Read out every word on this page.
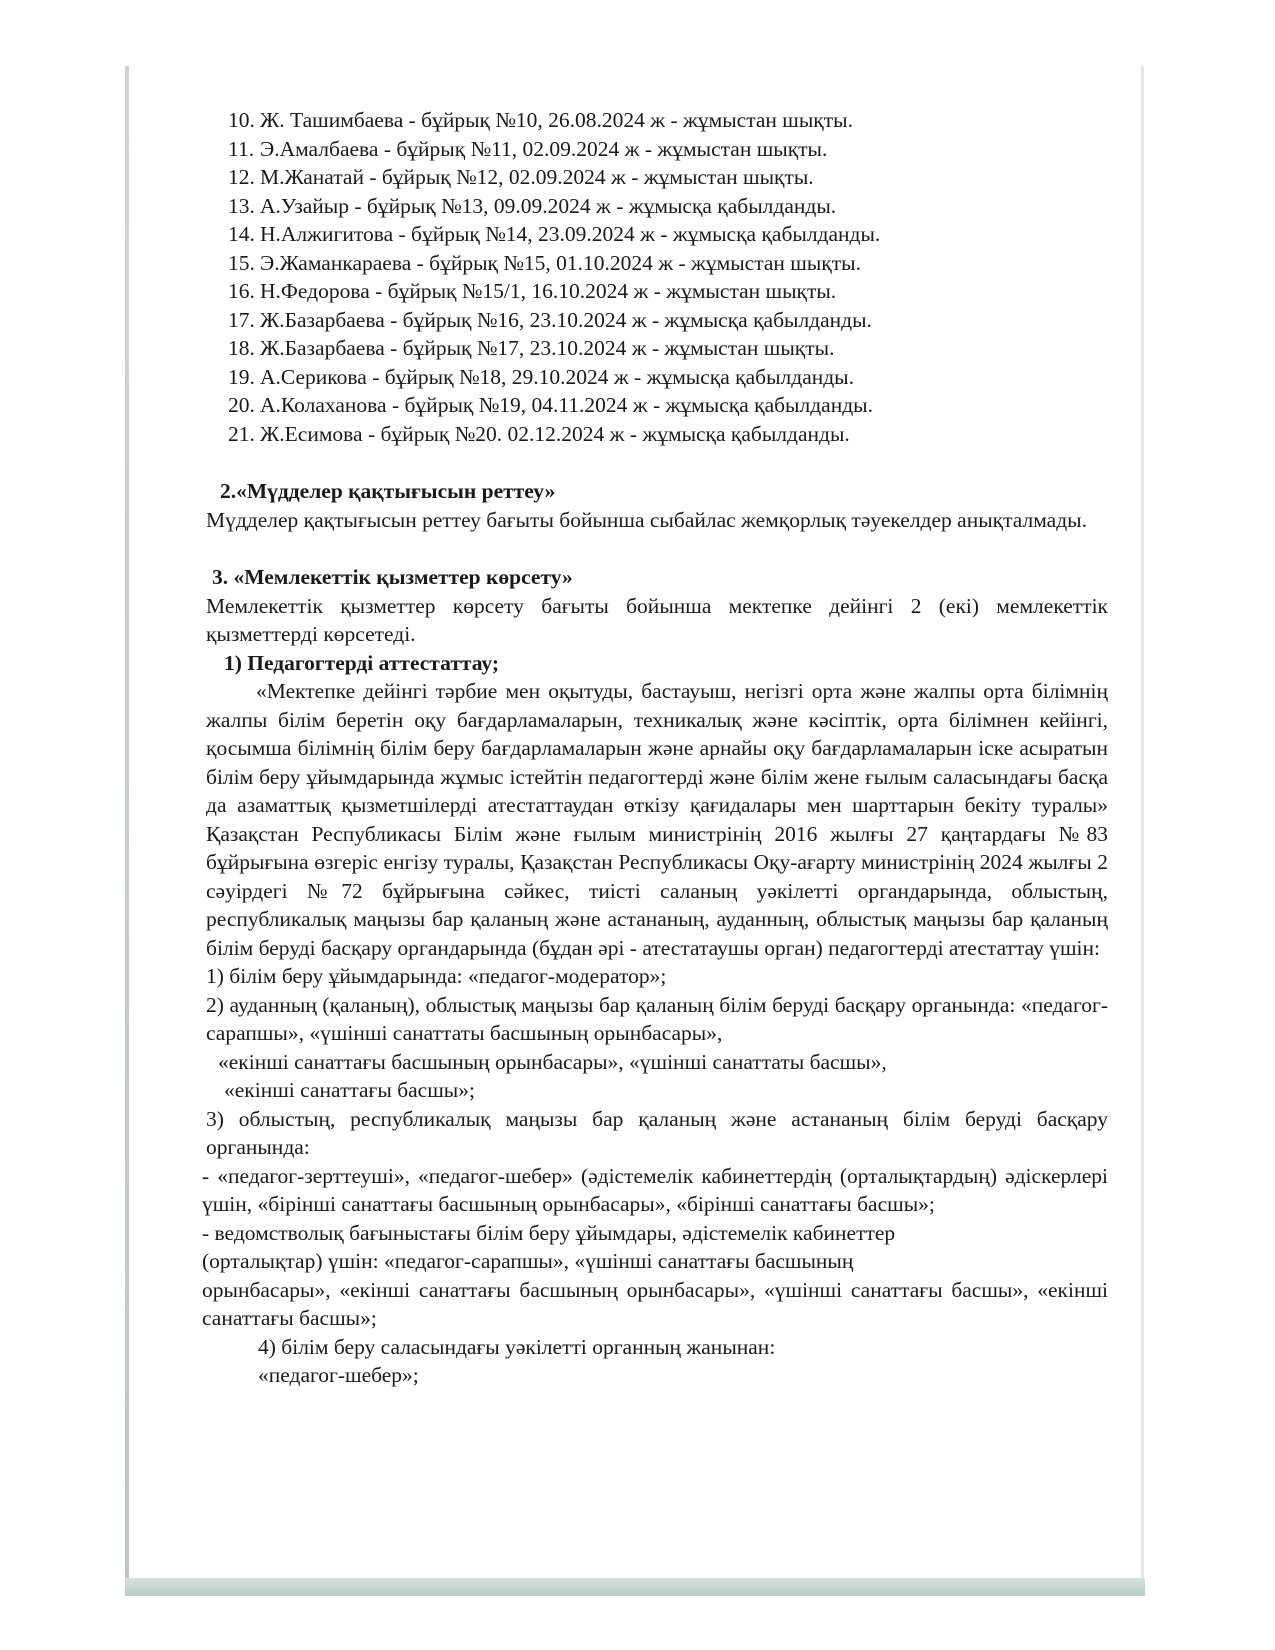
10. Ж. Ташимбаева - бұйрық №10, 26.08.2024 ж - жұмыстан шықты.
11. Э.Амалбаева - бұйрық №11, 02.09.2024 ж - жұмыстан шықты.
12. М.Жанатай - бұйрық №12, 02.09.2024 ж - жұмыстан шықты.
13. А.Узайыр - бұйрық №13, 09.09.2024 ж - жұмысқа қабылданды.
14. Н.Алжигитова - бұйрық №14, 23.09.2024 ж - жұмысқа қабылданды.
15. Э.Жаманкараева - бұйрық №15, 01.10.2024 ж - жұмыстан шықты.
16. Н.Федорова - бұйрық №15/1, 16.10.2024 ж - жұмыстан шықты.
17. Ж.Базарбаева - бұйрық №16, 23.10.2024 ж - жұмысқа қабылданды.
18. Ж.Базарбаева - бұйрық №17, 23.10.2024 ж - жұмыстан шықты.
19. А.Серикова - бұйрық №18, 29.10.2024 ж - жұмысқа қабылданды.
20. А.Колаханова - бұйрық №19, 04.11.2024 ж - жұмысқа қабылданды.
21. Ж.Есимова - бұйрық №20. 02.12.2024 ж - жұмысқа қабылданды.
2.«Мүдделер қақтығысын реттеу»
Мүдделер қақтығысын реттеу бағыты бойынша сыбайлас жемқорлық тәуекелдер анықталмады.
3. «Мемлекеттік қызметтер көрсету»
Мемлекеттік қызметтер көрсету бағыты бойынша мектепке дейінгі 2 (екі) мемлекеттік қызметтерді көрсетеді.
1) Педагогтерді аттестаттау;
«Мектепке дейінгі тәрбие мен оқытуды, бастауыш, негізгі орта және жалпы орта білімнің жалпы білім беретін оқу бағдарламаларын, техникалық және кәсіптік, орта білімнен кейінгі, қосымша білімнің білім беру бағдарламаларын және арнайы оқу бағдарламаларын іске асыратын білім беру ұйымдарында жұмыс істейтін педагогтерді және білім жене ғылым саласындағы басқа да азаматтық қызметшілерді атестаттаудан өткізу қағидалары мен шарттарын бекіту туралы» Қазақстан Республикасы Білім және ғылым министрінің 2016 жылғы 27 қаңтардағы №83 бұйрығына өзгеріс енгізу туралы, Қазақстан Республикасы Оқу-ағарту министрінің 2024 жылғы 2 сәуірдегі №72 бұйрығына сәйкес, тиісті саланың уәкілетті органдарында, облыстың, республикалық маңызы бар қаланың және астананың, ауданның, облыстық маңызы бар қаланың білім беруді басқару органдарында (бұдан әрі - атестатаушы орган) педагогтерді атестаттау үшін:
1) білім беру ұйымдарында: «педагог-модератор»;
2) ауданның (қаланың), облыстық маңызы бар қаланың білім беруді басқару органында: «педагог-сарапшы», «үшінші санаттаты басшының орынбасары»,
«екінші санаттағы басшының орынбасары», «үшінші санаттаты басшы»,
«екінші санаттағы басшы»;
3) облыстың, республикалық маңызы бар қаланың және астананың білім беруді басқару органында:
- «педагог-зерттеуші», «педагог-шебер» (әдістемелік кабинеттердің (орталықтардың) әдіскерлері үшін, «бірінші санаттағы басшының орынбасары», «бірінші санаттағы басшы»;
- ведомстволық бағыныстағы білім беру ұйымдары, әдістемелік кабинеттер
(орталықтар) үшін: «педагог-сарапшы», «үшінші санаттағы басшының
орынбасары», «екінші санаттағы басшының орынбасары», «үшінші санаттағы басшы», «екінші санаттағы басшы»;
4) білім беру саласындағы уәкілетті органның жанынан:
«педагог-шебер»;
